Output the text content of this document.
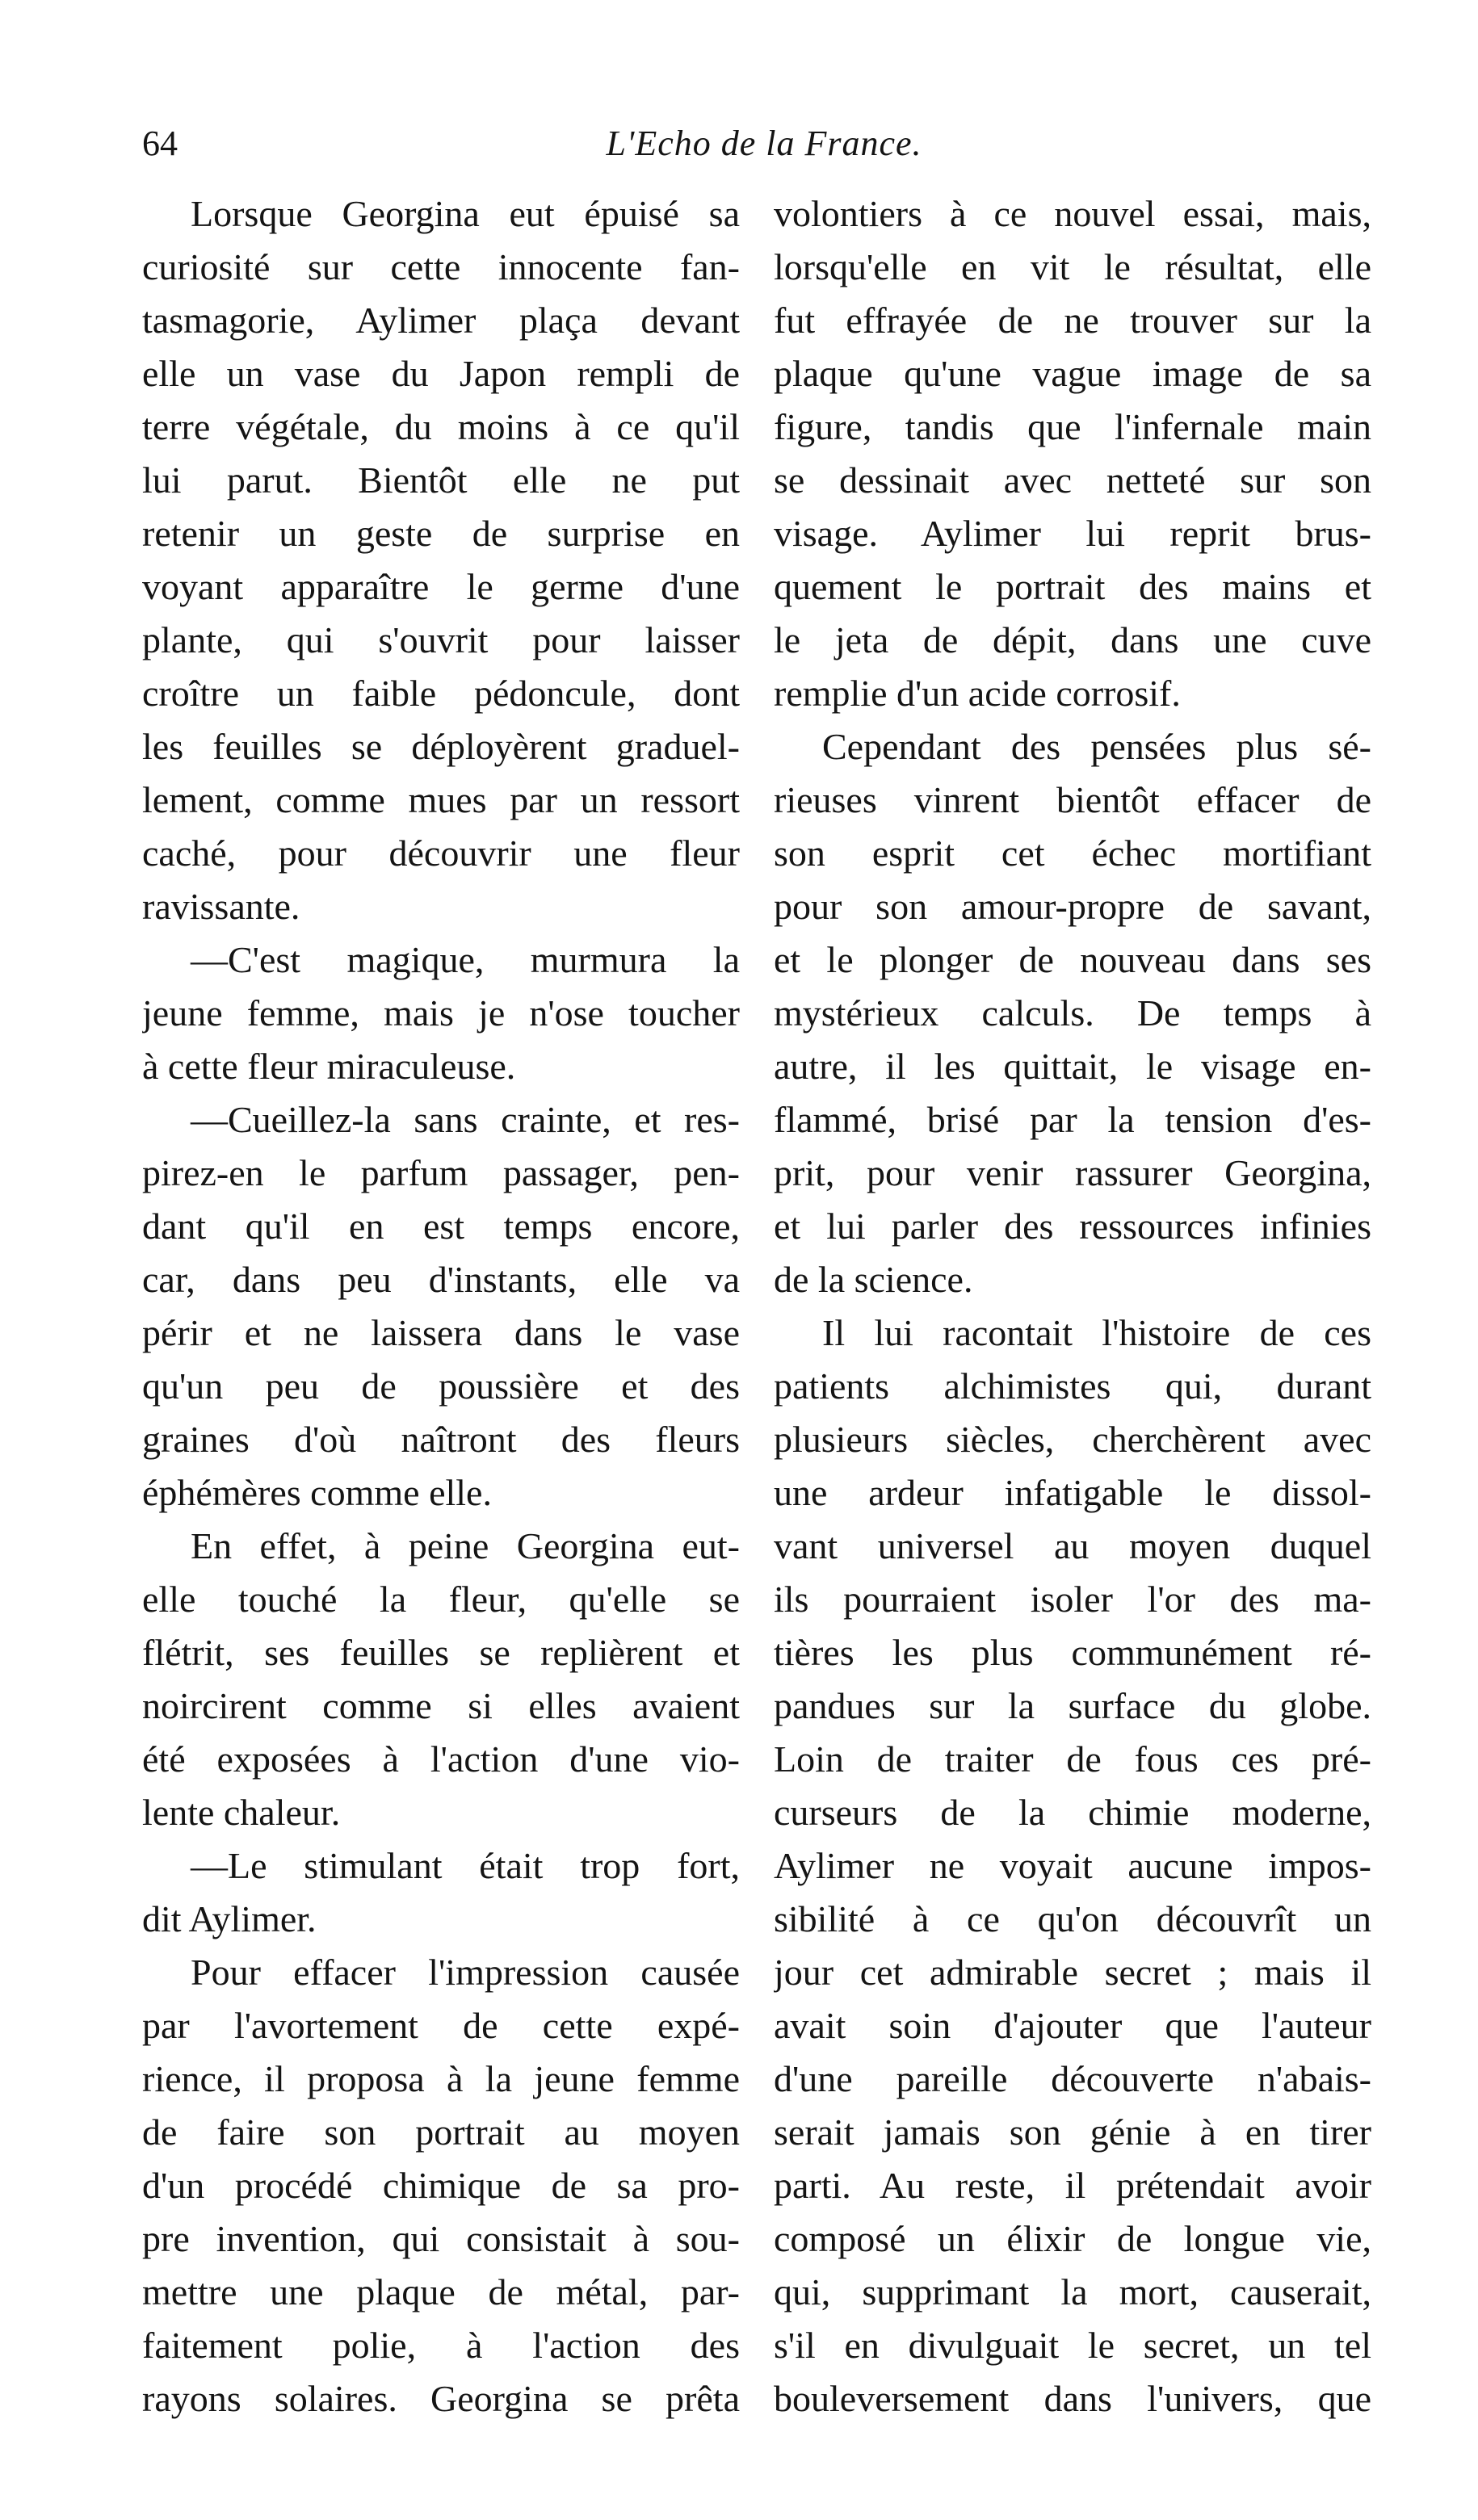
64	L'Echo de la France.
Lorsque Georgina eut épuisé sa
curiosité sur cette innocente fan-
tasmagorie, Aylimer plaça devant
elle un vase du Japon rempli de
terre végétale, du moins à ce qu'il
lui parut. Bientôt elle ne put
retenir un geste de surprise en
voyant apparaître le germe d'une
plante, qui s'ouvrit pour laisser
croître un faible pédoncule, dont
les feuilles se déployèrent graduel-
lement, comme mues par un ressort
caché, pour découvrir une fleur
ravissante.
—C'est magique, murmura la
jeune femme, mais je n'ose toucher
à cette fleur miraculeuse.
—Cueillez-la sans crainte, et res-
pirez-en le parfum passager, pen-
dant qu'il en est temps encore,
car, dans peu d'instants, elle va
périr et ne laissera dans le vase
qu'un peu de poussière et des
graines d'où naîtront des fleurs
éphémères comme elle.
En effet, à peine Georgina eut-
elle touché la fleur, qu'elle se
flétrit, ses feuilles se replièrent et
noircirent comme si elles avaient
été exposées à l'action d'une vio-
lente chaleur.
—Le stimulant était trop fort,
dit Aylimer.
Pour effacer l'impression causée
par l'avortement de cette expé-
rience, il proposa à la jeune femme
de faire son portrait au moyen
d'un procédé chimique de sa pro-
pre invention, qui consistait à sou-
mettre une plaque de métal, par-
faitement polie, à l'action des
rayons solaires. Georgina se prêta
volontiers à ce nouvel essai, mais,
lorsqu'elle en vit le résultat, elle
fut effrayée de ne trouver sur la
plaque qu'une vague image de sa
figure, tandis que l'infernale main
se dessinait avec netteté sur son
visage. Aylimer lui reprit brus-
quement le portrait des mains et
le jeta de dépit, dans une cuve
remplie d'un acide corrosif.
Cependant des pensées plus sé-
rieuses vinrent bientôt effacer de
son esprit cet échec mortifiant
pour son amour-propre de savant,
et le plonger de nouveau dans ses
mystérieux calculs. De temps à
autre, il les quittait, le visage en-
flammé, brisé par la tension d'es-
prit, pour venir rassurer Georgina,
et lui parler des ressources infinies
de la science.
Il lui racontait l'histoire de ces
patients alchimistes qui, durant
plusieurs siècles, cherchèrent avec
une ardeur infatigable le dissol-
vant universel au moyen duquel
ils pourraient isoler l'or des ma-
tières les plus communément ré-
pandues sur la surface du globe.
Loin de traiter de fous ces pré-
curseurs de la chimie moderne,
Aylimer ne voyait aucune impos-
sibilité à ce qu'on découvrît un
jour cet admirable secret ; mais il
avait soin d'ajouter que l'auteur
d'une pareille découverte n'abais-
serait jamais son génie à en tirer
parti. Au reste, il prétendait avoir
composé un élixir de longue vie,
qui, supprimant la mort, causerait,
s'il en divulguait le secret, un tel
bouleversement dans l'univers, que
